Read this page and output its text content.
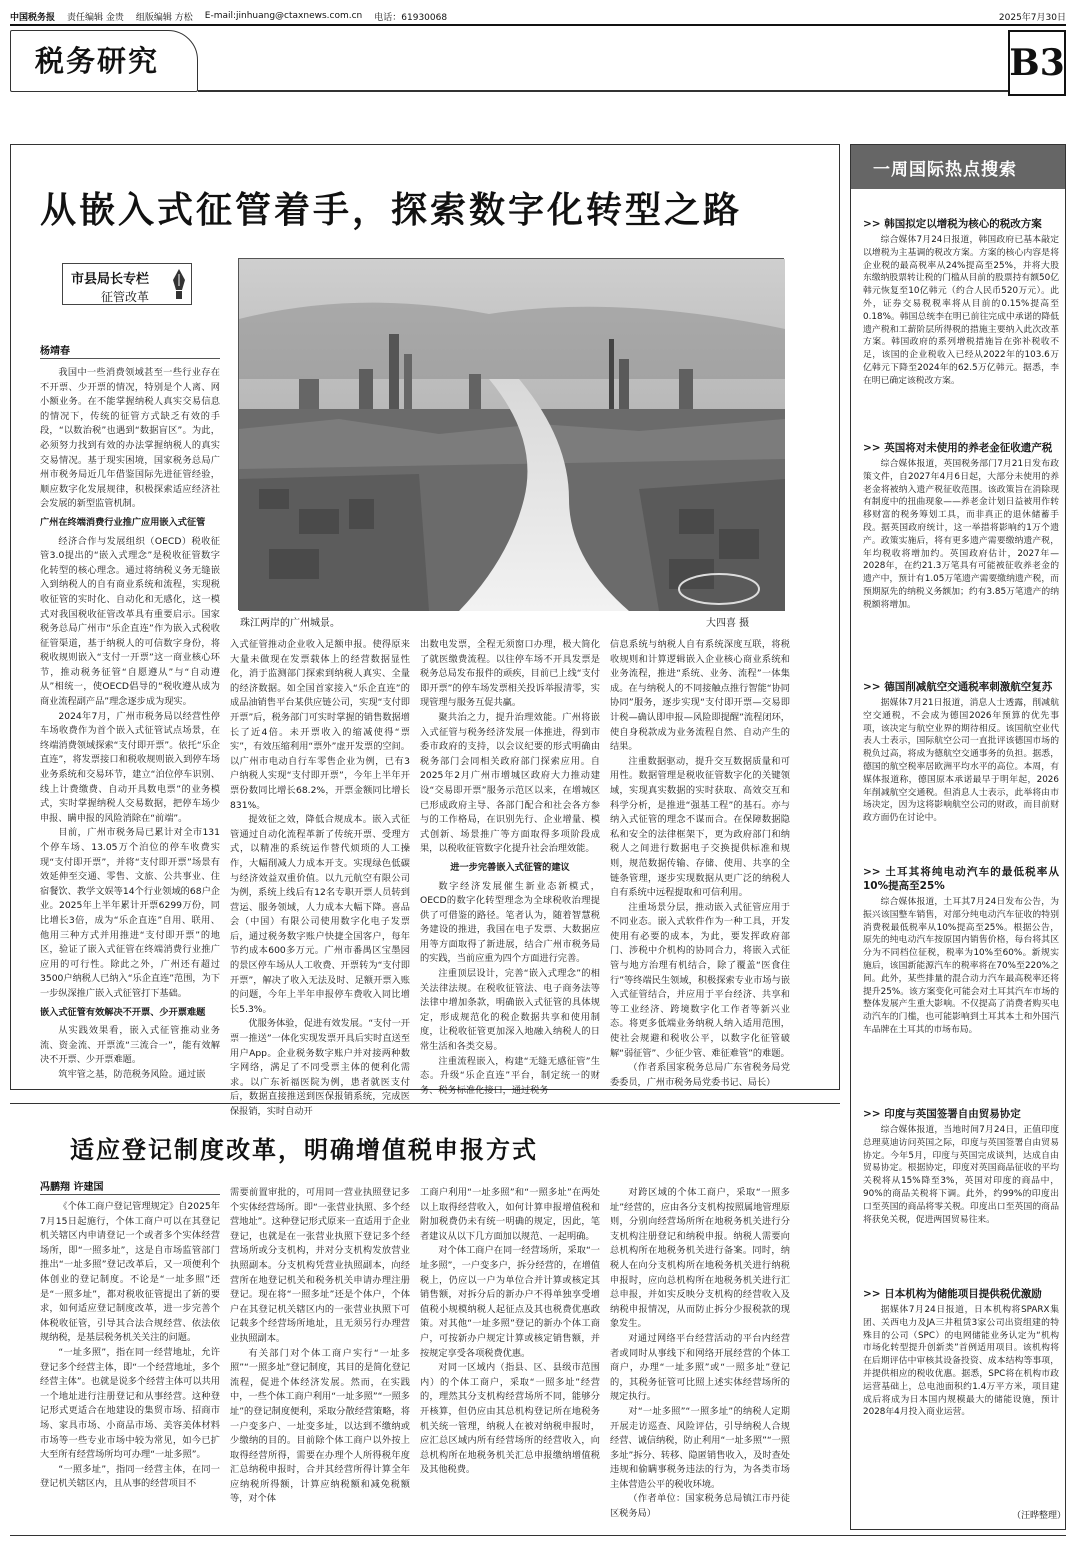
中国税务报 责任编辑 金贵 组版编辑 方松 E-mail:jinhuang@ctaxnews.com.cn 电话：61930068	2025年7月30日
税务研究	B3
从嵌入式征管着手，探索数字化转型之路
市县局长专栏
征管改革
杨靖春
珠江两岸的广州城景。	大四喜 摄

我国中一些消费领域甚至一些行业存在不开票、少开票的情况，特别是个人离、网小额业务。在不能掌握纳税人真实交易信息的情况下，传统的征管方式缺乏有效的手段，“以数治税”也遇到“数据盲区”。为此，必须努力找到有效的办法掌握纳税人的真实交易情况。基于现实困境，国家税务总局广州市税务局近几年借鉴国际先进征管经验，顺应数字化发展规律，积极探索适应经济社会发展的新型监管机制。

广州在终端消费行业推广应用嵌入式征管

经济合作与发展组织（OECD）税收征管3.0提出的“嵌入式理念”是税收征管数字化转型的核心理念。通过将纳税义务无缝嵌入到纳税人的自有商业系统和流程，实现税收征管的实时化、自动化和无感化，这一模式对我国税收征管改革具有重要启示。国家税务总局广州市“乐企直连”作为嵌入式税收征管渠道，基于纳税人的可信数字身份，将税收规则嵌入“支付一开票”这一商业核心环节，推动税务征管“自愿遵从”与“自动遵从”相统一，使OECD倡导的“税收遵从成为商业流程副产品”理念逐步成为现实。

2024年7月，广州市税务局以经营性停车场收费作为首个嵌入式征管试点场景，在终端消费领域探索“支付即开票”。依托“乐企直连”，将发票接口和税收规则嵌入到停车场业务系统和交易环节，建立“泊位停车识别、线上计费缴费、自动开具数电票”的业务模式，实时掌握纳税人交易数据，把停车场少申报、瞒申报的风险消除在“前端”。

目前，广州市税务局已累计对全市131个停车场、13.05万个泊位的停车收费实现“支付即开票”，并将“支付即开票”场景有效延伸至交通、零售、文旅、公共事业、住宿餐饮、教学文娱等14个行业领域的68户企业。2025年上半年累计开票6299万份，同比增长3倍，成为“乐企直连”自用、联用、他用三种方式并用推进“支付即开票”的地区，验证了嵌入式征管在终端消费行业推广应用的可行性。除此之外，广州还有超过3500户纳税人已纳入“乐企直连”范围，为下一步纵深推广嵌入式征管打下基础。

嵌入式征管有效解决不开票、少开票难题

从实践效果看，嵌入式征管推动业务流、资金流、开票流“三流合一”，能有效解决不开票、少开票难题。

筑牢管之基，防范税务风险。通过嵌

入式征管推动企业收入足额申报。使得原来大量未做现在发票载体上的经营数据显性化，消于监测部门探索到纳税人真实、全量的经济数据。如全国首家接入“乐企直连”的成品油销售平台某供应链公司，实现“支付即开票”后，税务部门可实时掌握的销售数据增长了近4倍。未开票收入的缩减使得“票实”，有效压缩利用“票外”虚开发票的空间。以广州市电动自行车零售企业为例，已有3户纳税人实现“支付即开票”，今年上半年开票份数同比增长68.2%，开票金额同比增长831%。

提效征之效，降低合规成本。嵌入式征管通过自动化流程革新了传统开票、受理方式，以精准的系统运作替代烦琐的人工操作，大幅削减人力成本开支。实现绿色低碳与经济效益双重价值。以九元航空有限公司为例，系统上线后有12名专职开票人员转到营运、服务领域，人力成本大幅下降。喜品会（中国）有限公司使用数字化电子发票后，通过税务数字账户快捷全国客户，每年节约成本600多万元。广州市番禺区宝墨园的景区停车场从人工收费、开票转为“支付即开票”，解决了收入无法及时、足额开票入账的问题，今年上半年申报停车费收入同比增长5.3%。

优服务体验，促进有效发展。“支付一开票一推送”一体化实现发票开具后实时直送至用户App。企业税务数字账户并对接两种数字网络，满足了不同受票主体的便利化需求。以广东祈福医院为例，患者就医支付后，数据直接推送到医保报销系统，完成医保报销，实时自动开

出数电发票，全程无须窗口办理，极大简化了就医缴费流程。以往停车场不开具发票是税务总局发布报件的顽疾，目前已上线“支付即开票”的停车场发票相关投诉举报清零，实现管理与服务互促共赢。

聚共治之力，提升治理效能。广州将嵌入式征管与税务经济发展一体推进，得到市委市政府的支持，以会议纪要的形式明确由税务部门会同相关政府部门探索应用。自2025年2月广州市增城区政府大力推动建设“交易即开票”服务示范区以来，在增城区已形成政府主导、各部门配合和社会各方参与的工作格局，在识别先行、企业增量、模式创新、场景推广等方面取得多项阶段成果，以税收征管数字化提升社会治理效能。

进一步完善嵌入式征管的建议

数字经济发展催生新业态新模式，OECD的数字化转型理念为全球税收治理提供了可借鉴的路径。笔者认为，随着智慧税务建设的推进，我国在电子发票、大数据应用等方面取得了新进展，结合广州市税务局的实践，当前应重为四个方面进行完善。

注重顶层设计，完善“嵌入式理念”的相关法律法规。在税收征管法、电子商务法等法律中增加条款，明确嵌入式征管的具体规定，形成规范化的税企数据共享和使用制度，让税收征管更加深入地融入纳税人的日常生活和各类交易。

注重流程嵌入，构建“无缝无感征管”生态。升级“乐企直连”平台，制定统一的财务、税务标准化接口，通过税务

信息系统与纳税人自有系统深度互联，将税收规则和计算逻辑嵌入企业核心商业系统和业务流程，推进“系统、业务、流程”一体集成。在与纳税人的不同接触点推行智能“协同协同”服务，逐步实现“支付即开票—交易即计税—确认即申报—风险即提醒”流程闭环，使自身税款成为业务流程自然、自动产生的结果。

注重数据驱动，提升交互数据质量和可用性。数据管理是税收征管数字化的关键领域，实现真实数据的实时获取、高效交互和科学分析，是推进“强基工程”的基石。亦与纳入式征管的理念不谋而合。在保障数据隐私和安全的法律框架下，更为政府部门和纳税人之间进行数据电子交换提供标准和规则，规范数据传输、存储、使用、共享的全链条管理，逐步实现数据从更广泛的纳税人自有系统中远程提取和可信利用。

注重场景分层，推动嵌入式征管应用于不同业态。嵌入式软件作为一种工具，开发使用有必要的成本，为此，要发挥政府部门、涉税中介机构的协同合力，将嵌入式征管与地方治理有机结合，除了覆盖“医食住行”等终端民生领域，积极探索专业市场与嵌入式征管结合，并应用于平台经济、共享和等工业经济、跨境数字化工作者等新兴业态。将更多低端业务纳税人纳入适用范围，使社会规避和税收公平，以数字化征管破解“弱征管”、少征少管、难征难管”的难题。

（作者系国家税务总局广东省税务局党委委员，广州市税务局党委书记、局长）

适应登记制度改革，明确增值税申报方式
冯鹏翔 许建国

《个体工商户登记管理规定》自2025年7月15日起施行，个体工商户可以在其登记机关辖区内申请登记一个或者多个实体经营场所，即“一照多址”，这是自市场监管部门推出“一址多照”登记改革后，又一项便利个体创业的登记制度。不论是“一址多照”还是“一照多址”，都对税收征管提出了新的要求，如何适应登记制度改革，进一步完善个体税收征管，引导其合法合规经营、依法依规纳税，是基层税务机关关注的问题。

“一址多照”，指在同一经营地址，允许登记多个经营主体，即“一个经营地址，多个经营主体”。也就是说多个经营主体可以共用一个地址进行注册登记和从事经营。这种登记形式更适合在地建设的集贸市场、招商市场、家具市场、小商品市场、美容美体材料市场等一些专业市场中较为常见，如今已扩大至所有经营场所均可办理“一址多照”。

“一照多址”，指同一经营主体，在同一登记机关辖区内，且从事的经营项目不

需要前置审批的，可用同一营业执照登记多个实体经营场所。即“一张营业执照、多个经营地址”。这种登记形式原来一直适用于企业登记，也就是在一张营业执照下登记多个经营场所或分支机构，并对分支机构发放营业执照副本。分支机构凭营业执照副本，向经营所在地登记机关和税务机关申请办理注册登记。现在将“一照多址”还是个体户，个体户在其登记机关辖区内的一张营业执照下可记载多个经营场所地址，且无须另行办理营业执照副本。

有关部门对个体工商户实行“一址多照”“一照多址”登记制度，其目的是简化登记流程，促进个体经济发展。然而，在实践中，一些个体工商户利用“一址多照”“一照多址”的登记制度便利，采取分散经营策略，将一户变多户、一址变多址，以达到不缴纳或少缴纳的目的。目前除个体工商户以外按上取得经营所得，需要在办理个人所得税年度汇总纳税申报时，合并其经营所得计算全年应纳税所得额，计算应纳税额和减免税额等，对个体

工商户利用“一址多照”和“一照多址”在两处以上取得经营收入，如何计算申报增值税和附加税费仍未有统一明确的规定，因此，笔者建议从以下几方面加以规范、一起明确。

对个体工商户在同一经营场所，采取“一址多照”，一户变多户，拆分经营的，在增值税上，仍应以一户为单位合并计算或核定其销售额，对拆分后的新办户不得单独享受增值税小规模纳税人起征点及其也税费优惠政策。对其他“一址多照”登记的新办个体工商户，可按新办户规定计算或核定销售额，并按规定享受各项税费优惠。

对同一区域内（指县、区、县级市范围内）的个体工商户，采取“一照多址”经营的，理然其分支机构经营场所不同，能够分开核算，但仍应由其总机构登记所在地税务机关统一管理，纳税人在被对纳税申报时，应汇总区域内所有经营场所的经营收入，向总机构所在地税务机关汇总申报缴纳增值税及其他税费。

对跨区域的个体工商户，采取“一照多址”经营的，应由各分支机构按照属地管理原则，分别向经营场所所在地税务机关进行分支机构注册登记和纳税申报。纳税人需要向总机构所在地税务机关进行备案。同时，纳税人在向分支机构所在地税务机关进行纳税申报时，应向总机构所在地税务机关进行汇总申报，并如实反映分支机构的经营收入及纳税申报情况，从而防止拆分少报税款的现象发生。

对通过网络平台经营活动的平台内经营者或同时从事线下和网络开展经营的个体工商户，办理“一址多照”或“一照多址”登记的，其税务征管可比照上述实体经营场所的规定执行。

对“一址多照”“一照多址”的纳税人定期开展走访巡查、风险评估，引导纳税人合规经营、诚信纳税，防止利用“一址多照”“一照多址”拆分、转移、隐匿销售收入，及时查处违规和偷瞒事税务违法的行为，为各类市场主体营造公平的税收环境。

（作者单位：国家税务总局镇江市丹徒区税务局）

一周国际热点搜索
>> 韩国拟定以增税为核心的税改方案

综合媒体7月24日报道，韩国政府已基本敲定以增税为主基调的税改方案。方案的核心内容是将企业税的最高税率从24%提高至25%，并将大股东缴纳股票转让税的门槛从目前的股票持有额50亿韩元恢复至10亿韩元（约合人民币520万元）。此外，证券交易税税率将从目前的0.15%提高至0.18%。韩国总统李在明已前往完成中承诺的降低遗产税和工薪阶层所得税的措施主要纳入此次改革方案。韩国政府的系列增税措施旨在弥补税收不足，该国的企业税收入已经从2022年的103.6万亿韩元下降至2024年的62.5万亿韩元。据悉，李在明已确定该税改方案。

>> 英国将对未使用的养老金征收遗产税

综合媒体报道，英国税务部门7月21日发布政策文件，自2027年4月6日起，大部分未使用的养老金将被纳入遗产税征收范围。该政策旨在消除现有制度中的扭曲现象——养老金计划日益被用作转移财富的税务筹划工具，而非真正的退休储蓄手段。据英国政府统计，这一举措将影响约1万个遗产。政策实施后，将有更多遗产需要缴纳遗产税，年均税收将增加约。英国政府估计，2027年—2028年，在约21.3万笔具有可能被征收养老金的遗产中，预计有1.05万笔遗产需要缴纳遗产税，而预期原先的纳税义务额加；约有3.85万笔遗产的纳税额将增加。

>> 德国削减航空交通税率刺激航空复苏

据媒体7月21日报道，消息人士透露，削减航空交通税，不会成为德国2026年预算的优先事项，该决定与航空业界的期待相反。该国航空业代表人士表示，国际航空公司一直批评该德国市场的税负过高，将成为德航空交通事务的负担。据悉，德国的航空税率居欧洲平均水平的高位。本周，有媒体报道称，德国原本承诺最早于明年起，2026年削减航空交通税。但消息人士表示，此举将由市场决定，因为这将影响航空公司的财政，而目前财政方面仍在讨论中。

>> 土耳其将纯电动汽车的最低税率从10%提高至25%

综合媒体报道，土耳其7月24日发布公告，为振兴该国整车销售，对部分纯电动汽车征收的特别消费税最低税率从10%提高至25%。根据公告，原先的纯电动汽车按原国内销售价格，每台将其区分为不同档位征税，税率为10%至60%。新规实施后，该国新能源汽车的税率将在70%至220%之间。此外，某些排量的混合动力汽车最高税率还将提升25%。该方案变化可能会对土耳其汽车市场的整体发展产生重大影响。不仅提高了消费者购买电动汽车的门槛，也可能影响到土耳其本土和外国汽车品牌在土耳其的市场布局。

>> 印度与英国签署自由贸易协定

综合媒体报道，当地时间7月24日，正值印度总理莫迪访问英国之际，印度与英国签署自由贸易协定。今年5月，印度与英国完成谈判，达成自由贸易协定。根据协定，印度对英国商品征收的平均关税将从15%降至3%，英国对印度的商品中，90%的商品关税将下调。此外，约99%的印度出口至英国的商品将零关税。印度出口至英国的商品将获免关税，促进两国贸易往来。

>> 日本机构为储能项目提供税优激励

据媒体7月24日报道，日本机构将SPARX集团、关西电力及JA三井租赁3家公司出资组建的特殊目的公司（SPC）的电网储能业务认定为“机构市场化转型提升创新类”首例适用项目。该机构将在后期评估中审核其设备投资、成本结构等事项，并提供相应的税收优惠。据悉，SPC将在机构市政运营基础上，总电池面积约1.4万平方米，项目建成后将成为日本国内规模最大的储能设施，预计2028年4月投入商业运营。

（汪晔整理）
